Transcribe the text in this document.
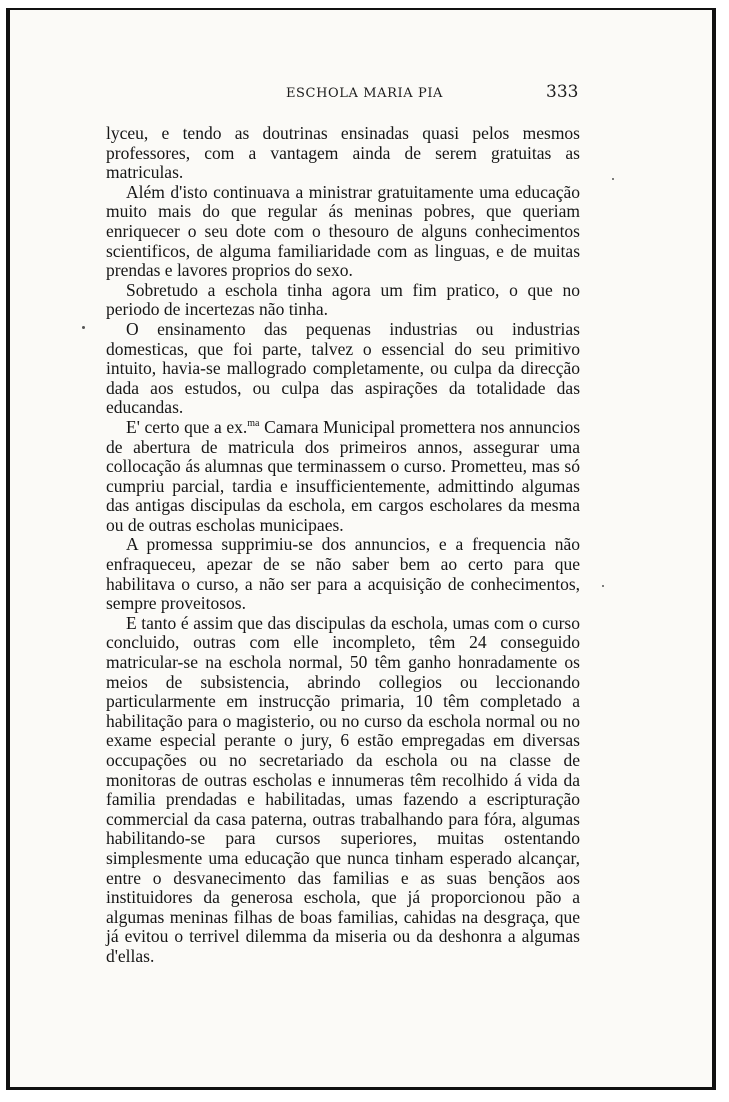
ESCHOLA MARIA PIA	333

lyceu, e tendo as doutrinas ensinadas quasi pelos mesmos professores, com a vantagem ainda de serem gratuitas as matriculas.

Além d'isto continuava a ministrar gratuitamente uma educação muito mais do que regular ás meninas pobres, que queriam enriquecer o seu dote com o thesouro de alguns conhecimentos scientificos, de alguma familiaridade com as linguas, e de muitas prendas e lavores proprios do sexo.

Sobretudo a eschola tinha agora um fim pratico, o que no periodo de incertezas não tinha.

O ensinamento das pequenas industrias ou industrias domesticas, que foi parte, talvez o essencial do seu primitivo intuito, havia-se mallogrado completamente, ou culpa da direcção dada aos estudos, ou culpa das aspirações da totalidade das educandas.

E' certo que a ex.$^{ma}$ Camara Municipal promettera nos annuncios de abertura de matricula dos primeiros annos, assegurar uma collocação ás alumnas que terminassem o curso. Prometteu, mas só cumpriu parcial, tardia e insufficientemente, admittindo algumas das antigas discipulas da eschola, em cargos escholares da mesma ou de outras escholas municipaes.

A promessa supprimiu-se dos annuncios, e a frequencia não enfraqueceu, apezar de se não saber bem ao certo para que habilitava o curso, a não ser para a acquisição de conhecimentos, sempre proveitosos.

E tanto é assim que das discipulas da eschola, umas com o curso concluido, outras com elle incompleto, têm 24 conseguido matricular-se na eschola normal, 50 têm ganho honradamente os meios de subsistencia, abrindo collegios ou leccionando particularmente em instrucção primaria, 10 têm completado a habilitação para o magisterio, ou no curso da eschola normal ou no exame especial perante o jury, 6 estão empregadas em diversas occupações ou no secretariado da eschola ou na classe de monitoras de outras escholas e innumeras têm recolhido á vida da familia prendadas e habilitadas, umas fazendo a escripturação commercial da casa paterna, outras trabalhando para fóra, algumas habilitando-se para cursos superiores, muitas ostentando simplesmente uma educação que nunca tinham esperado alcançar, entre o desvanecimento das familias e as suas bençãos aos instituidores da generosa eschola, que já proporcionou pão a algumas meninas filhas de boas familias, cahidas na desgraça, que já evitou o terrivel dilemma da miseria ou da deshonra a algumas d'ellas.
